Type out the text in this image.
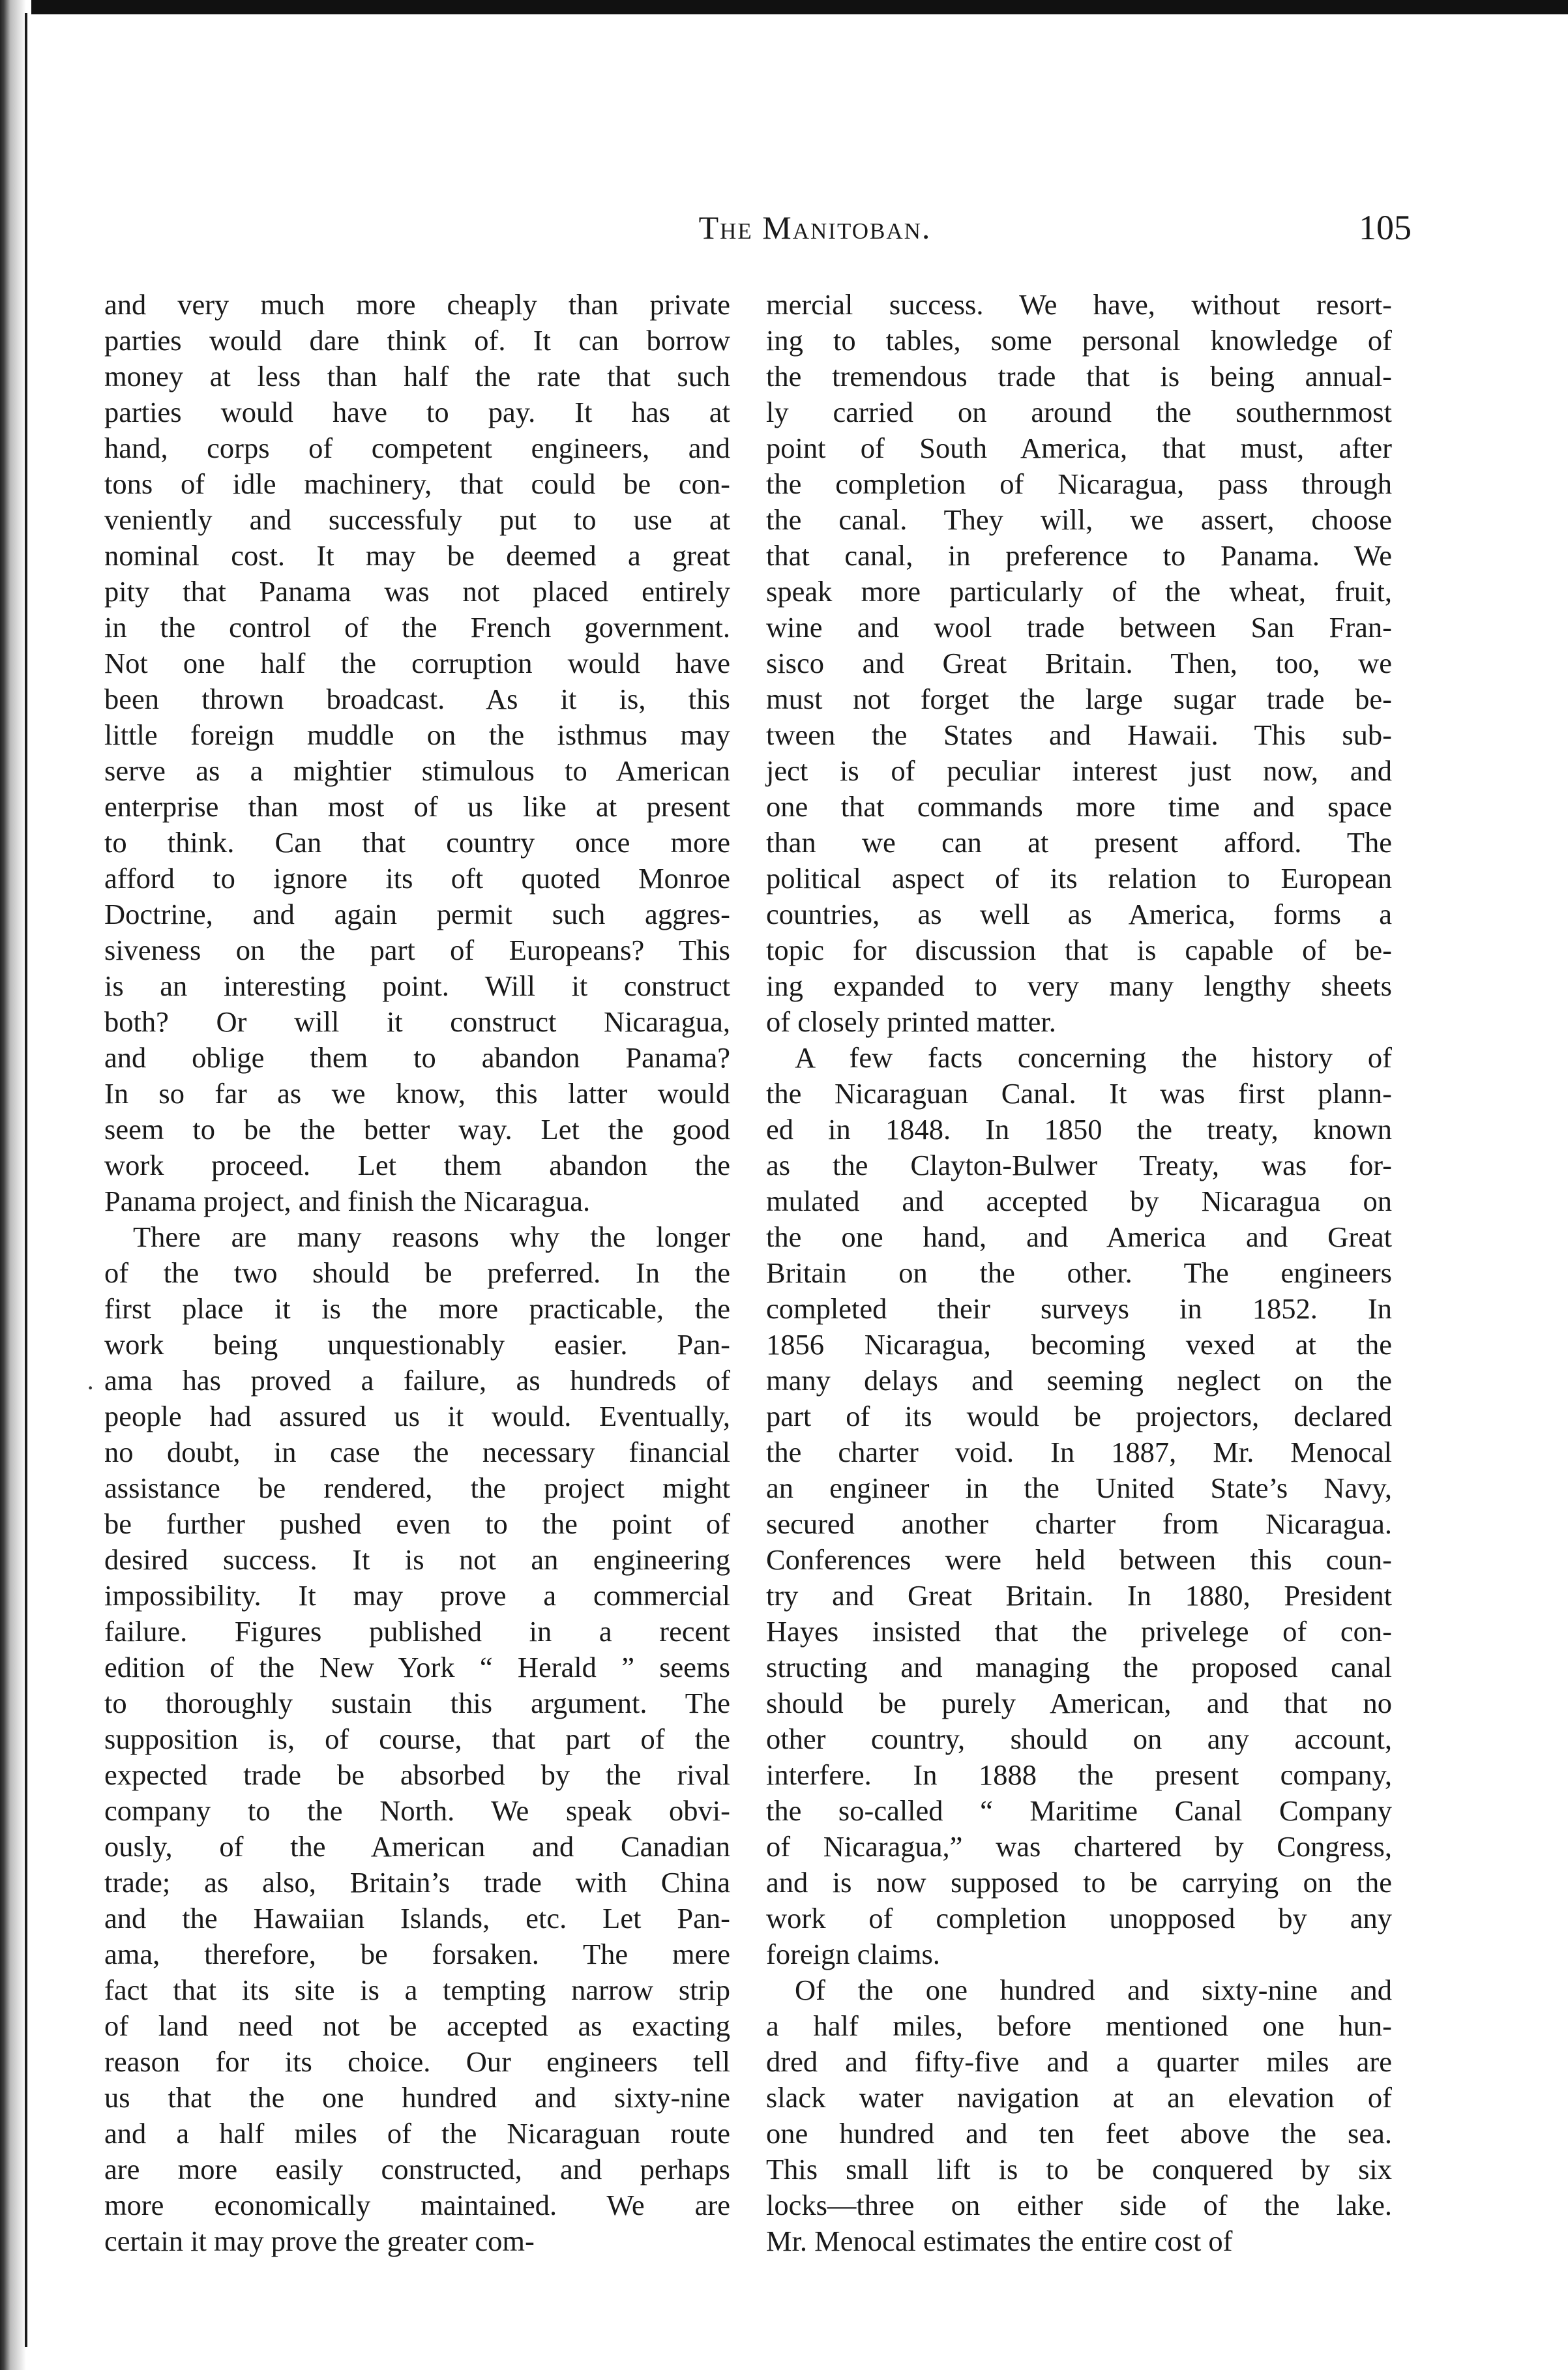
The Manitoban.	105
·
and very much more cheaply than private
parties would dare think of. It can borrow
money at less than half the rate that such
parties would have to pay. It has at
hand, corps of competent engineers, and
tons of idle machinery, that could be con-
veniently and successfuly put to use at
nominal cost. It may be deemed a great
pity that Panama was not placed entirely
in the control of the French government.
Not one half the corruption would have
been thrown broadcast. As it is, this
little foreign muddle on the isthmus may
serve as a mightier stimulous to American
enterprise than most of us like at present
to think. Can that country once more
afford to ignore its oft quoted Monroe
Doctrine, and again permit such aggres-
siveness on the part of Europeans? This
is an interesting point. Will it construct
both? Or will it construct Nicaragua,
and oblige them to abandon Panama?
In so far as we know, this latter would
seem to be the better way. Let the good
work proceed. Let them abandon the
Panama project, and finish the Nicaragua.
There are many reasons why the longer
of the two should be preferred. In the
first place it is the more practicable, the
work being unquestionably easier. Pan-
ama has proved a failure, as hundreds of
people had assured us it would. Eventually,
no doubt, in case the necessary financial
assistance be rendered, the project might
be further pushed even to the point of
desired success. It is not an engineering
impossibility. It may prove a commercial
failure. Figures published in a recent
edition of the New York “ Herald ” seems
to thoroughly sustain this argument. The
supposition is, of course, that part of the
expected trade be absorbed by the rival
company to the North. We speak obvi-
ously, of the American and Canadian
trade; as also, Britain’s trade with China
and the Hawaiian Islands, etc. Let Pan-
ama, therefore, be forsaken. The mere
fact that its site is a tempting narrow strip
of land need not be accepted as exacting
reason for its choice. Our engineers tell
us that the one hundred and sixty-nine
and a half miles of the Nicaraguan route
are more easily constructed, and perhaps
more economically maintained. We are
certain it may prove the greater com-
mercial success. We have, without resort-
ing to tables, some personal knowledge of
the tremendous trade that is being annual-
ly carried on around the southernmost
point of South America, that must, after
the completion of Nicaragua, pass through
the canal. They will, we assert, choose
that canal, in preference to Panama. We
speak more particularly of the wheat, fruit,
wine and wool trade between San Fran-
sisco and Great Britain. Then, too, we
must not forget the large sugar trade be-
tween the States and Hawaii. This sub-
ject is of peculiar interest just now, and
one that commands more time and space
than we can at present afford. The
political aspect of its relation to European
countries, as well as America, forms a
topic for discussion that is capable of be-
ing expanded to very many lengthy sheets
of closely printed matter.
A few facts concerning the history of
the Nicaraguan Canal. It was first plann-
ed in 1848. In 1850 the treaty, known
as the Clayton-Bulwer Treaty, was for-
mulated and accepted by Nicaragua on
the one hand, and America and Great
Britain on the other. The engineers
completed their surveys in 1852. In
1856 Nicaragua, becoming vexed at the
many delays and seeming neglect on the
part of its would be projectors, declared
the charter void. In 1887, Mr. Menocal
an engineer in the United State’s Navy,
secured another charter from Nicaragua.
Conferences were held between this coun-
try and Great Britain. In 1880, President
Hayes insisted that the privelege of con-
structing and managing the proposed canal
should be purely American, and that no
other country, should on any account,
interfere. In 1888 the present company,
the so-called “ Maritime Canal Company
of Nicaragua,” was chartered by Congress,
and is now supposed to be carrying on the
work of completion unopposed by any
foreign claims.
Of the one hundred and sixty-nine and
a half miles, before mentioned one hun-
dred and fifty-five and a quarter miles are
slack water navigation at an elevation of
one hundred and ten feet above the sea.
This small lift is to be conquered by six
locks—three on either side of the lake.
Mr. Menocal estimates the entire cost of
